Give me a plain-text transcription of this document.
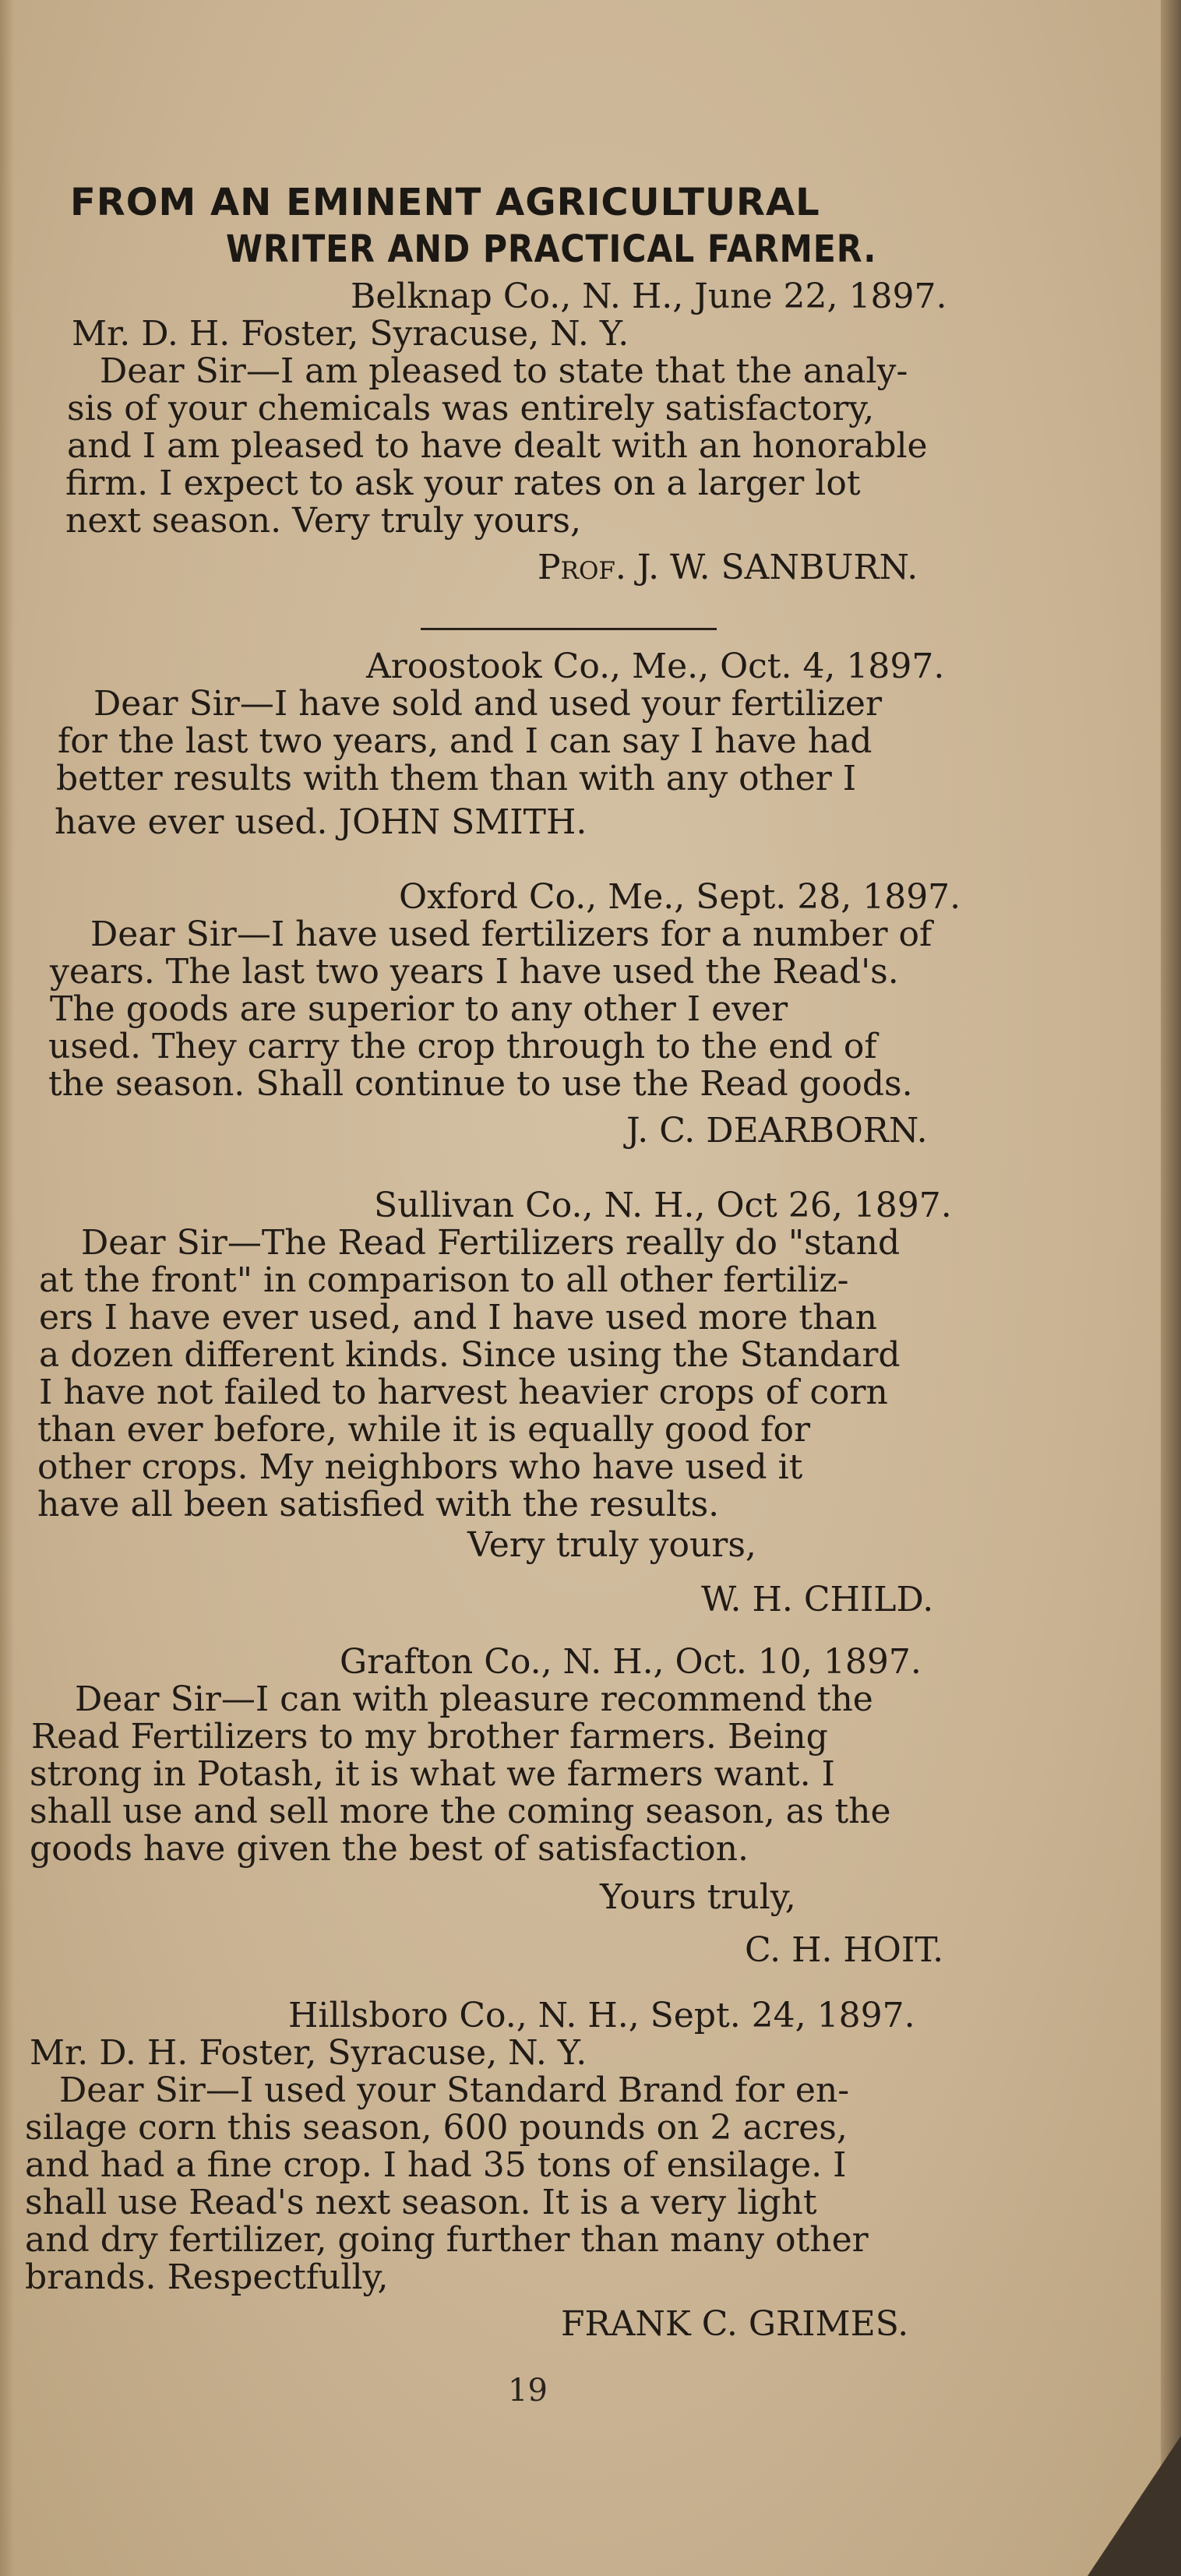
FROM AN EMINENT AGRICULTURAL
WRITER AND PRACTICAL FARMER.
Belknap Co., N. H., June 22, 1897.
Mr. D. H. Foster, Syracuse, N. Y.
Dear Sir—I am pleased to state that the analy-
sis of your chemicals was entirely satisfactory,
and I am pleased to have dealt with an honorable
firm. I expect to ask your rates on a larger lot
next season. Very truly yours,
Prof. J. W. SANBURN.
Aroostook Co., Me., Oct. 4, 1897.
Dear Sir—I have sold and used your fertilizer
for the last two years, and I can say I have had
better results with them than with any other I
have ever used. JOHN SMITH.
Oxford Co., Me., Sept. 28, 1897.
Dear Sir—I have used fertilizers for a number of
years. The last two years I have used the Read's.
The goods are superior to any other I ever
used. They carry the crop through to the end of
the season. Shall continue to use the Read goods.
J. C. DEARBORN.
Sullivan Co., N. H., Oct 26, 1897.
Dear Sir—The Read Fertilizers really do "stand
at the front" in comparison to all other fertiliz-
ers I have ever used, and I have used more than
a dozen different kinds. Since using the Standard
I have not failed to harvest heavier crops of corn
than ever before, while it is equally good for
other crops. My neighbors who have used it
have all been satisfied with the results.
Very truly yours,
W. H. CHILD.
Grafton Co., N. H., Oct. 10, 1897.
Dear Sir—I can with pleasure recommend the
Read Fertilizers to my brother farmers. Being
strong in Potash, it is what we farmers want. I
shall use and sell more the coming season, as the
goods have given the best of satisfaction.
Yours truly,
C. H. HOIT.
Hillsboro Co., N. H., Sept. 24, 1897.
Mr. D. H. Foster, Syracuse, N. Y.
Dear Sir—I used your Standard Brand for en-
silage corn this season, 600 pounds on 2 acres,
and had a fine crop. I had 35 tons of ensilage. I
shall use Read's next season. It is a very light
and dry fertilizer, going further than many other
brands. Respectfully,
FRANK C. GRIMES.
19
